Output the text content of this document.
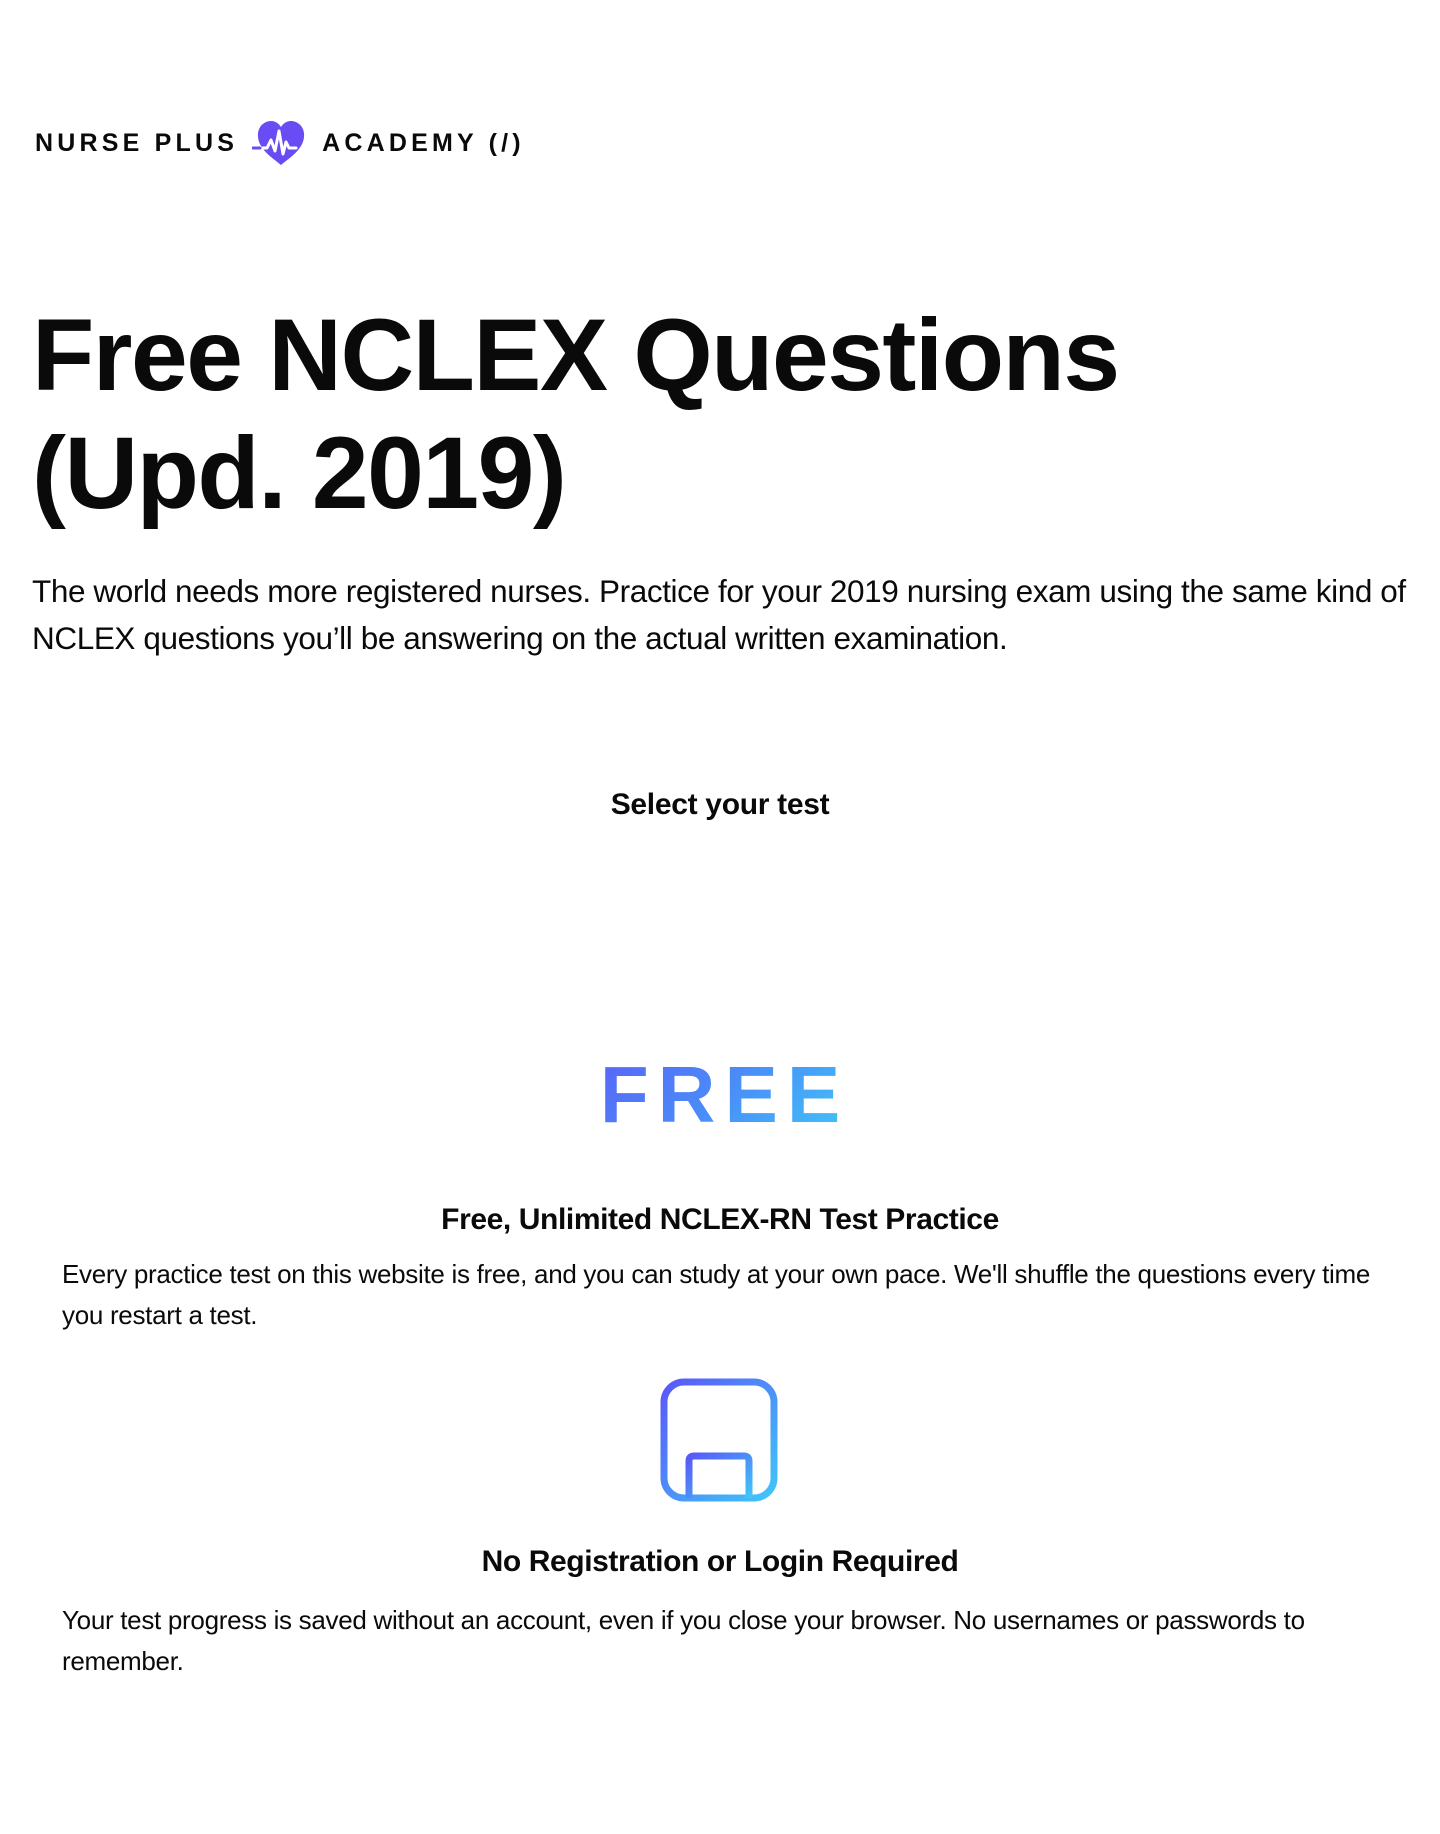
NURSE PLUS	ACADEMY (/)
Free NCLEX Questions
(Upd. 2019)

The world needs more registered nurses. Practice for your 2019 nursing exam using the same kind of NCLEX questions you’ll be answering on the actual written examination.

Select your test
FREE
Free, Unlimited NCLEX-RN Test Practice

Every practice test on this website is free, and you can study at your own pace. We'll shuffle the questions every time you restart a test.

No Registration or Login Required

Your test progress is saved without an account, even if you close your browser. No usernames or passwords to remember.
